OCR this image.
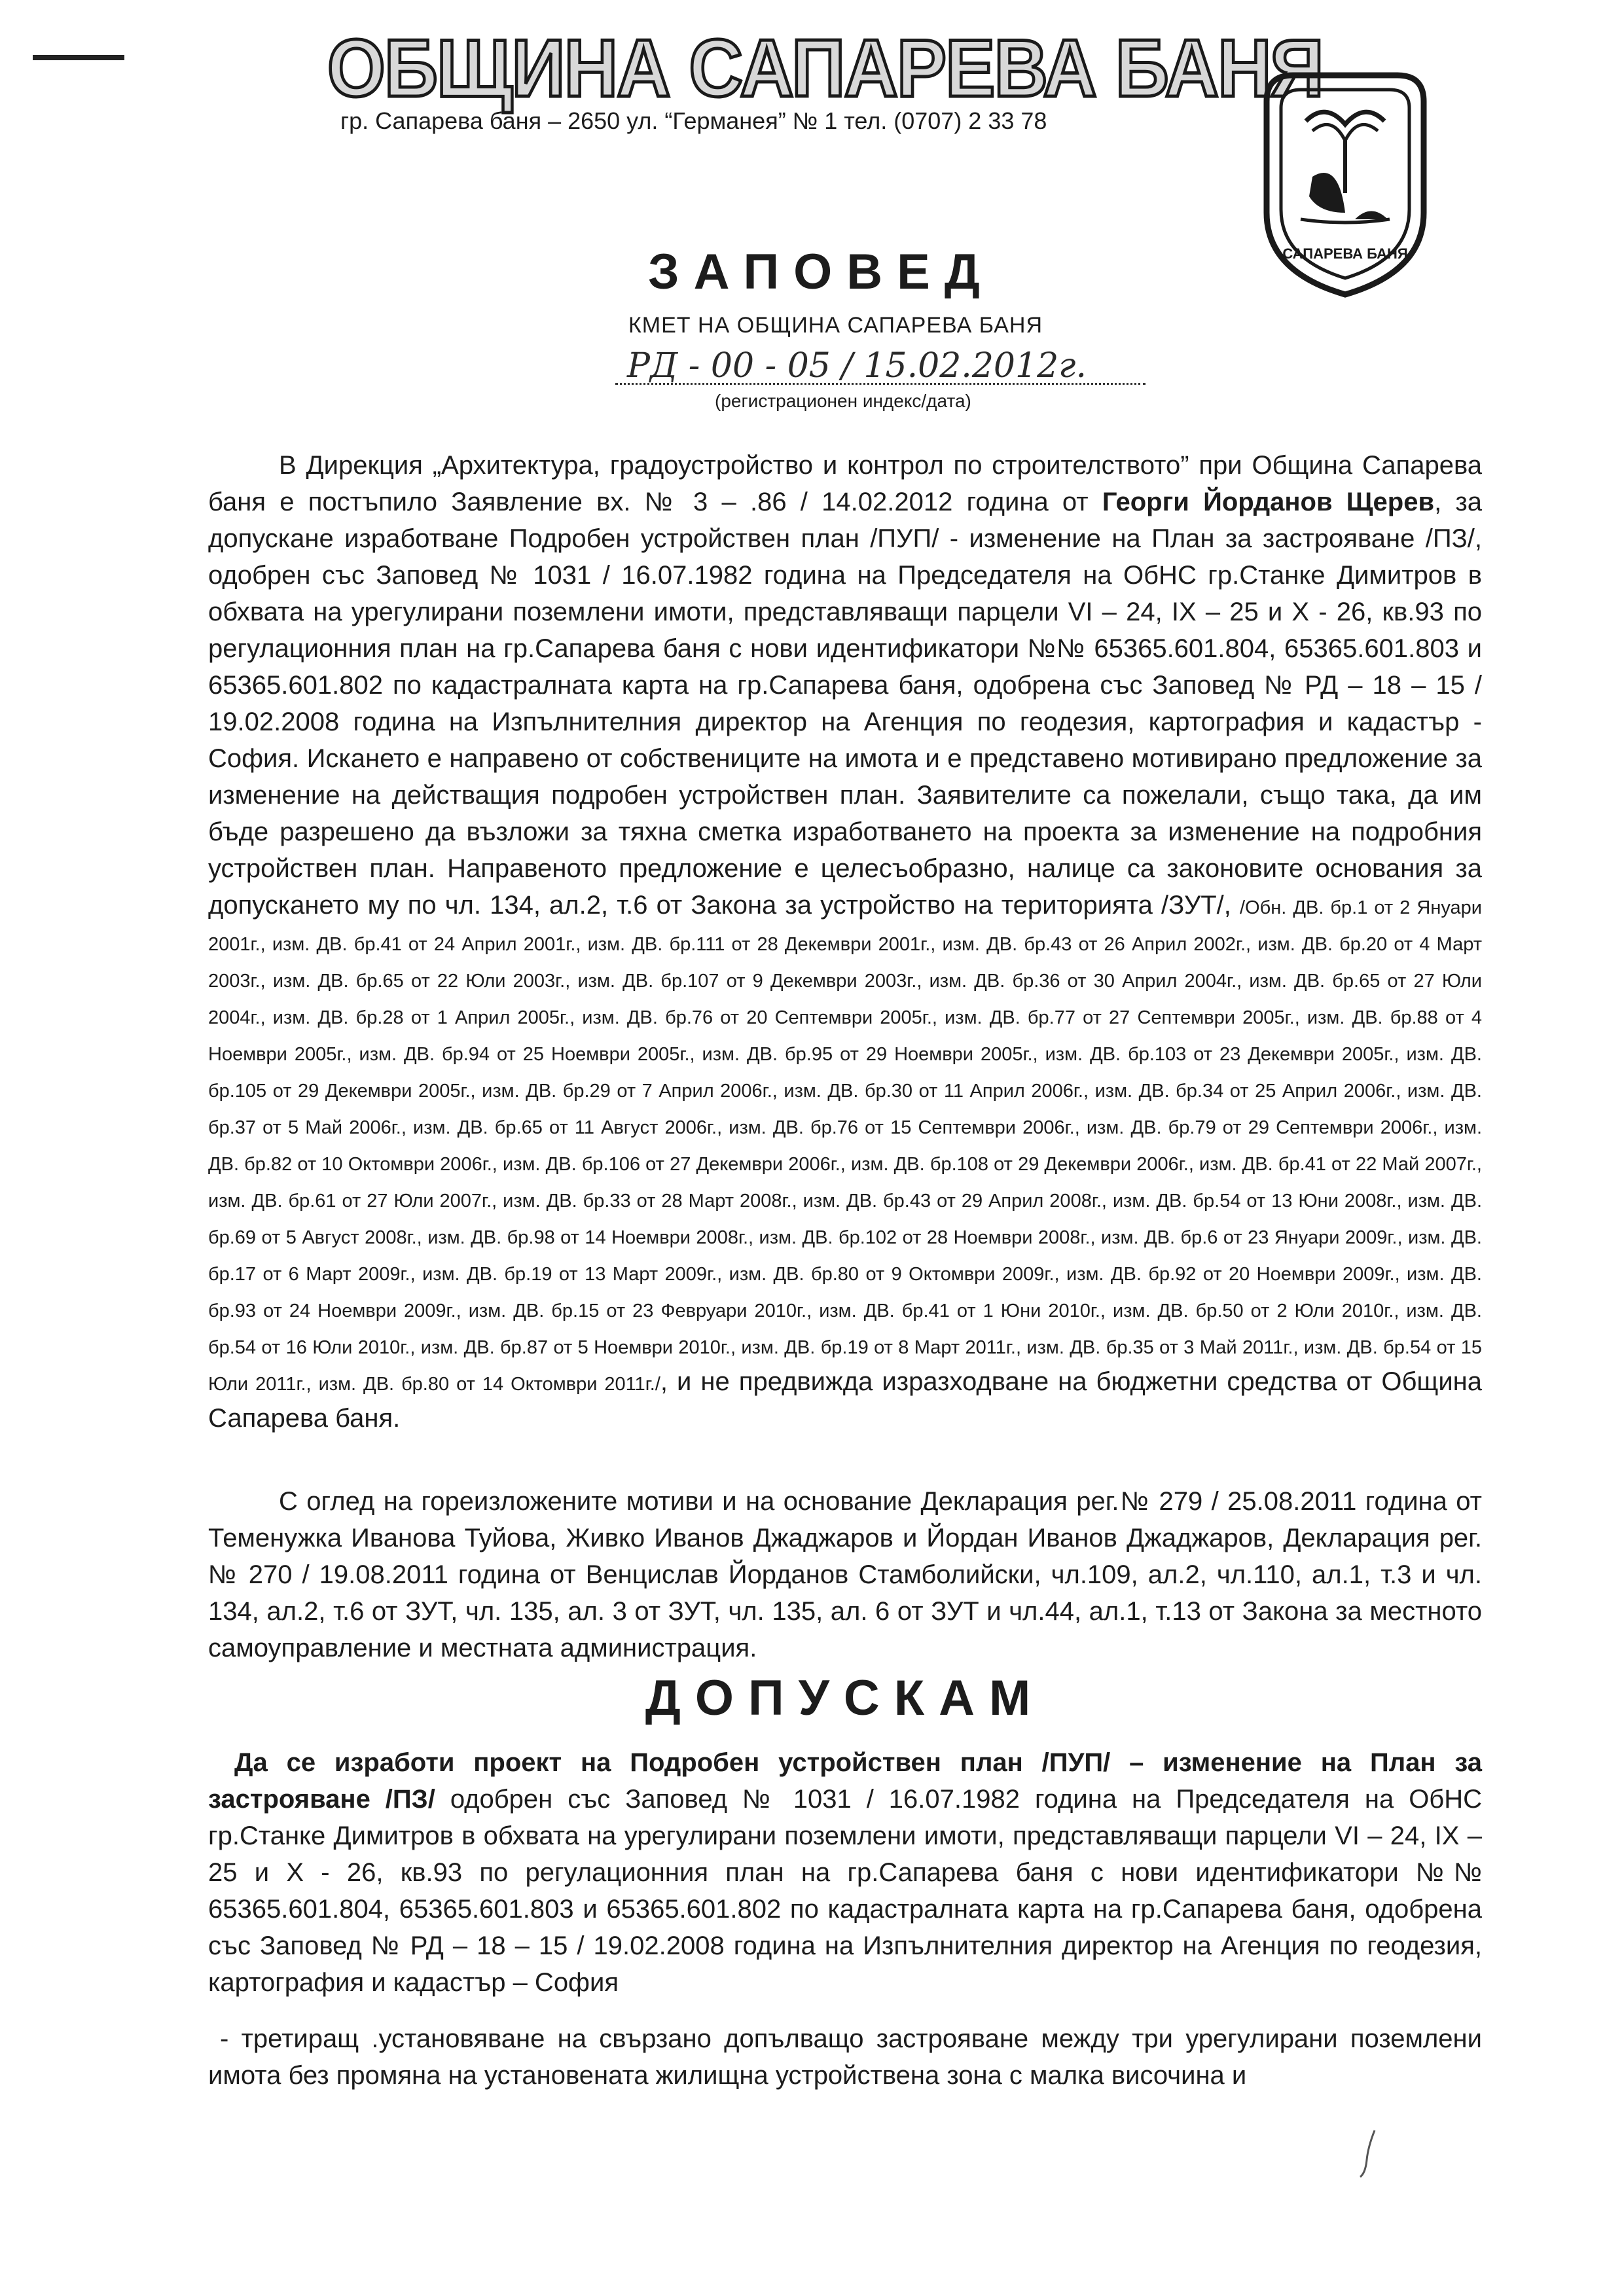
ОБЩИНА САПАРЕВА БАНЯ
гр. Сапарева баня – 2650 ул. “Германея” № 1 тел. (0707) 2 33 78
САПАРЕВА БАНЯ
ЗАПОВЕД
КМЕТ НА ОБЩИНА САПАРЕВА БАНЯ
РД - 00 - 05 / 15.02.2012г.
(регистрационен индекс/дата)

В Дирекция „Архитектура, градоустройство и контрол по строителството” при Община Сапарева баня е постъпило Заявление вх. № 3 – .86 / 14.02.2012 година от Георги Йорданов Щерев, за допускане изработване Подробен устройствен план /ПУП/ - изменение на План за застрояване /ПЗ/, одобрен със Заповед № 1031 / 16.07.1982 година на Председателя на ОбНС гр.Станке Димитров в обхвата на урегулирани поземлени имоти, представляващи парцели VI – 24, IX – 25 и X - 26, кв.93 по регулационния план на гр.Сапарева баня с нови идентификатори №№ 65365.601.804, 65365.601.803 и 65365.601.802 по кадастралната карта на гр.Сапарева баня, одобрена със Заповед № РД – 18 – 15 / 19.02.2008 година на Изпълнителния директор на Агенция по геодезия, картография и кадастър - София. Искането е направено от собствениците на имота и е представено мотивирано предложение за изменение на действащия подробен устройствен план. Заявителите са пожелали, също така, да им бъде разрешено да възложи за тяхна сметка изработването на проекта за изменение на подробния устройствен план. Направеното предложение е целесъобразно, налице са законовите основания за допускането му по чл. 134, ал.2, т.6 от Закона за устройство на територията /ЗУТ/, /Обн. ДВ. бр.1 от 2 Януари 2001г., изм. ДВ. бр.41 от 24 Април 2001г., изм. ДВ. бр.111 от 28 Декември 2001г., изм. ДВ. бр.43 от 26 Април 2002г., изм. ДВ. бр.20 от 4 Март 2003г., изм. ДВ. бр.65 от 22 Юли 2003г., изм. ДВ. бр.107 от 9 Декември 2003г., изм. ДВ. бр.36 от 30 Април 2004г., изм. ДВ. бр.65 от 27 Юли 2004г., изм. ДВ. бр.28 от 1 Април 2005г., изм. ДВ. бр.76 от 20 Септември 2005г., изм. ДВ. бр.77 от 27 Септември 2005г., изм. ДВ. бр.88 от 4 Ноември 2005г., изм. ДВ. бр.94 от 25 Ноември 2005г., изм. ДВ. бр.95 от 29 Ноември 2005г., изм. ДВ. бр.103 от 23 Декември 2005г., изм. ДВ. бр.105 от 29 Декември 2005г., изм. ДВ. бр.29 от 7 Април 2006г., изм. ДВ. бр.30 от 11 Април 2006г., изм. ДВ. бр.34 от 25 Април 2006г., изм. ДВ. бр.37 от 5 Май 2006г., изм. ДВ. бр.65 от 11 Август 2006г., изм. ДВ. бр.76 от 15 Септември 2006г., изм. ДВ. бр.79 от 29 Септември 2006г., изм. ДВ. бр.82 от 10 Октомври 2006г., изм. ДВ. бр.106 от 27 Декември 2006г., изм. ДВ. бр.108 от 29 Декември 2006г., изм. ДВ. бр.41 от 22 Май 2007г., изм. ДВ. бр.61 от 27 Юли 2007г., изм. ДВ. бр.33 от 28 Март 2008г., изм. ДВ. бр.43 от 29 Април 2008г., изм. ДВ. бр.54 от 13 Юни 2008г., изм. ДВ. бр.69 от 5 Август 2008г., изм. ДВ. бр.98 от 14 Ноември 2008г., изм. ДВ. бр.102 от 28 Ноември 2008г., изм. ДВ. бр.6 от 23 Януари 2009г., изм. ДВ. бр.17 от 6 Март 2009г., изм. ДВ. бр.19 от 13 Март 2009г., изм. ДВ. бр.80 от 9 Октомври 2009г., изм. ДВ. бр.92 от 20 Ноември 2009г., изм. ДВ. бр.93 от 24 Ноември 2009г., изм. ДВ. бр.15 от 23 Февруари 2010г., изм. ДВ. бр.41 от 1 Юни 2010г., изм. ДВ. бр.50 от 2 Юли 2010г., изм. ДВ. бр.54 от 16 Юли 2010г., изм. ДВ. бр.87 от 5 Ноември 2010г., изм. ДВ. бр.19 от 8 Март 2011г., изм. ДВ. бр.35 от 3 Май 2011г., изм. ДВ. бр.54 от 15 Юли 2011г., изм. ДВ. бр.80 от 14 Октомври 2011г./, и не предвижда изразходване на бюджетни средства от Община Сапарева баня.

С оглед на гореизложените мотиви и на основание Декларация рег.№ 279 / 25.08.2011 година от Теменужка Иванова Туйова, Живко Иванов Джаджаров и Йордан Иванов Джаджаров, Декларация рег.№ 270 / 19.08.2011 година от Венцислав Йорданов Стамболийски, чл.109, ал.2, чл.110, ал.1, т.3 и чл. 134, ал.2, т.6 от ЗУТ, чл. 135, ал. 3 от ЗУТ, чл. 135, ал. 6 от ЗУТ и чл.44, ал.1, т.13 от Закона за местното самоуправление и местната администрация.

ДОПУСКАМ

Да се изработи проект на Подробен устройствен план /ПУП/ – изменение на План за застрояване /ПЗ/ одобрен със Заповед № 1031 / 16.07.1982 година на Председателя на ОбНС гр.Станке Димитров в обхвата на урегулирани поземлени имоти, представляващи парцели VI – 24, IX – 25 и X - 26, кв.93 по регулационния план на гр.Сапарева баня с нови идентификатори №№ 65365.601.804, 65365.601.803 и 65365.601.802 по кадастралната карта на гр.Сапарева баня, одобрена със Заповед № РД – 18 – 15 / 19.02.2008 година на Изпълнителния директор на Агенция по геодезия, картография и кадастър – София

- третиращ .установяване на свързано допълващо застрояване между три урегулирани поземлени имота без промяна на установената жилищна устройствена зона с малка височина и
